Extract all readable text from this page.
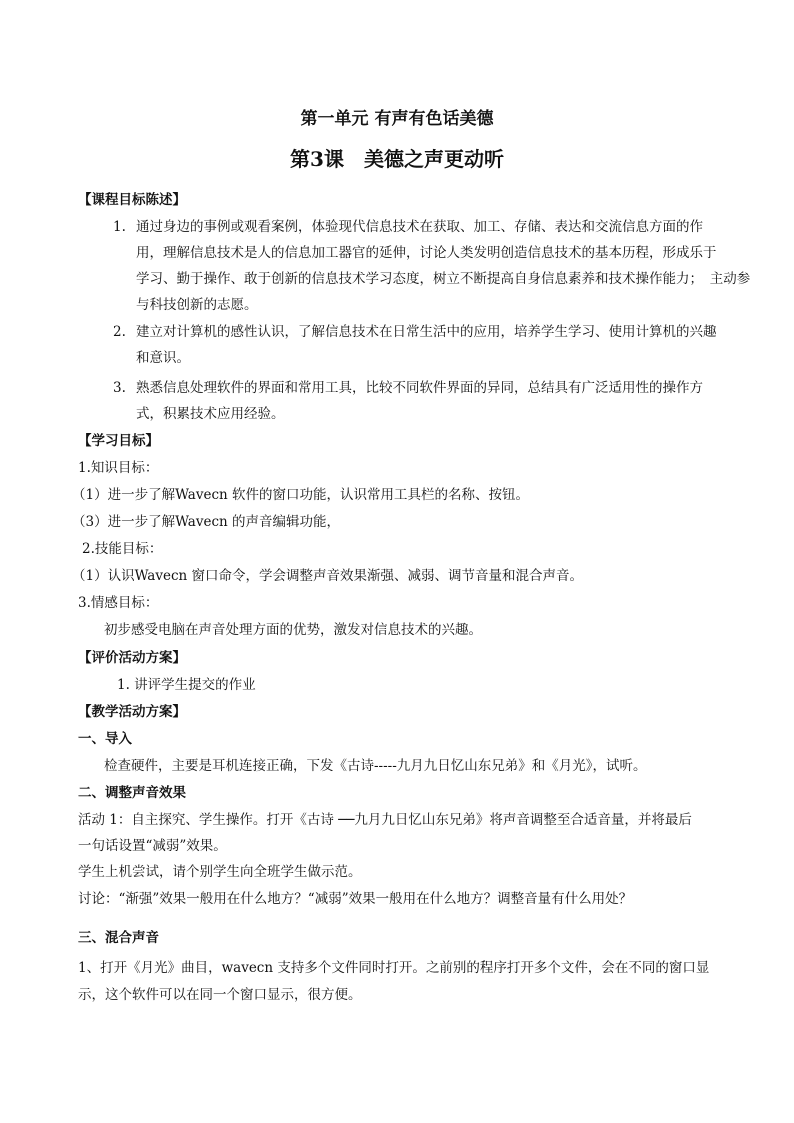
第一单元 有声有色话美德
第3课　美德之声更动听
【课程目标陈述】
1. 通过身边的事例或观看案例，体验现代信息技术在获取、加工、存储、表达和交流信息方面的作
用，理解信息技术是人的信息加工器官的延伸，讨论人类发明创造信息技术的基本历程，形成乐于
学习、勤于操作、敢于创新的信息技术学习态度，树立不断提高自身信息素养和技术操作能力；　主动参
与科技创新的志愿。
2. 建立对计算机的感性认识，了解信息技术在日常生活中的应用，培养学生学习、使用计算机的兴趣
和意识。
3. 熟悉信息处理软件的界面和常用工具，比较不同软件界面的异同，总结具有广泛适用性的操作方
式，积累技术应用经验。
【学习目标】
1.知识目标：
（1）进一步了解Wavecn 软件的窗口功能，认识常用工具栏的名称、按钮。
（3）进一步了解Wavecn 的声音编辑功能，
2.技能目标：
（1）认识Wavecn 窗口命令，学会调整声音效果渐强、减弱、调节音量和混合声音。
3.情感目标：
初步感受电脑在声音处理方面的优势，激发对信息技术的兴趣。
【评价活动方案】
1. 讲评学生提交的作业
【教学活动方案】
一、导入
检查硬件，主要是耳机连接正确，下发《古诗-----九月九日忆山东兄弟》和《月光》，试听。
二、调整声音效果
活动 1：自主探究、学生操作。打开《古诗 ──九月九日忆山东兄弟》将声音调整至合适音量，并将最后
一句话设置“减弱”效果。
学生上机尝试，请个别学生向全班学生做示范。
讨论：“渐强”效果一般用在什么地方？“减弱”效果一般用在什么地方？调整音量有什么用处？
三、混合声音
1、打开《月光》曲目，wavecn 支持多个文件同时打开。之前别的程序打开多个文件，会在不同的窗口显
示，这个软件可以在同一个窗口显示，很方便。
